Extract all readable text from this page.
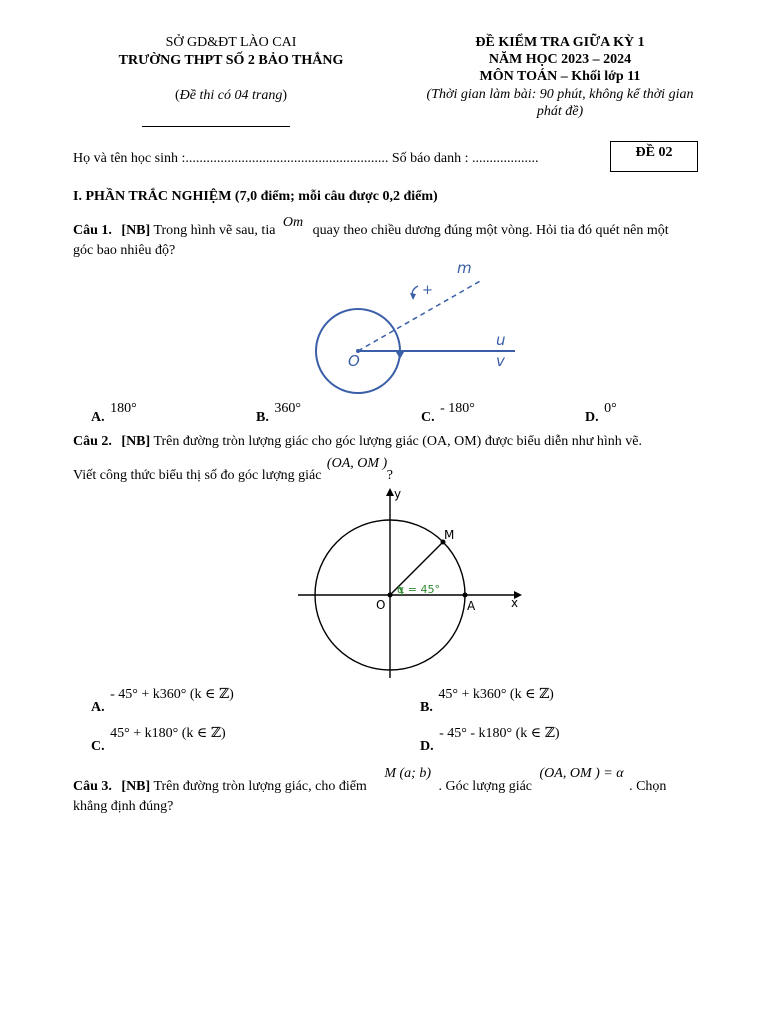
SỞ GD&ĐT LÀO CAI
TRƯỜNG THPT SỐ 2 BẢO THẮNG
(Đề thi có 04 trang)
ĐỀ KIỂM TRA GIỮA KỲ 1
NĂM HỌC 2023 – 2024
MÔN TOÁN – Khối lớp 11
(Thời gian làm bài: 90 phút, không kể thời gian
phát đề)
Họ và tên học sinh :.......................................................... Số báo danh : ...................	ĐỀ 02
I. PHẦN TRẮC NGHIỆM (7,0 điểm; mỗi câu được 0,2 điểm)
Câu 1. [NB] Trong hình vẽ sau, tia Om quay theo chiều dương đúng một vòng. Hỏi tia đó quét nên một
góc bao nhiêu độ?
m
+
O
u
v
A. 180°
B. 360°
C. - 180°
D. 0°
Câu 2. [NB] Trên đường tròn lượng giác cho góc lượng giác (OA, OM) được biểu diễn như hình vẽ.
Viết công thức biểu thị số đo góc lượng giác (OA, OM ) ?
y
x
M
O	A
α = 45°
A. - 45° + k360° (k ∈ ℤ)
B. 45° + k360° (k ∈ ℤ)
C. 45° + k180° (k ∈ ℤ)
D. - 45° - k180° (k ∈ ℤ)
Câu 3. [NB] Trên đường tròn lượng giác, cho điểm M (a; b) . Góc lượng giác (OA, OM ) = α . Chọn
khẳng định đúng?
